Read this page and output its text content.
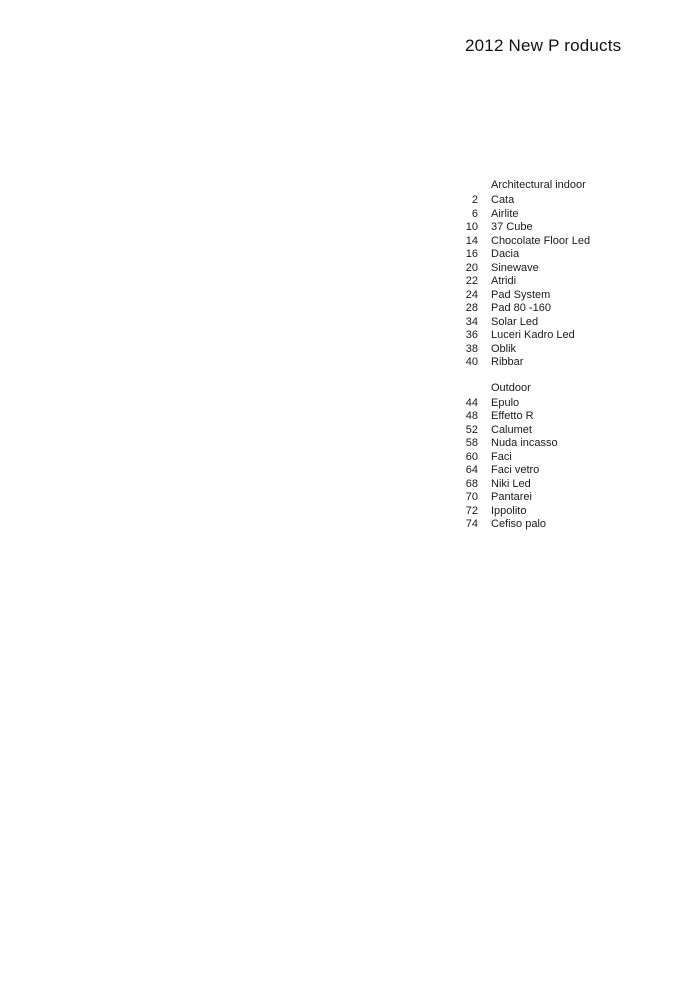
2012 New P roducts
Architectural indoor
2 Cata
6 Airlite
10 37 Cube
14 Chocolate Floor Led
16 Dacia
20 Sinewave
22 Atridi
24 Pad System
28 Pad 80 -160
34 Solar Led
36 Luceri Kadro Led
38 Oblik
40 Ribbar
Outdoor
44 Epulo
48 Effetto R
52 Calumet
58 Nuda incasso
60 Faci
64 Faci vetro
68 Niki Led
70 Pantarei
72 Ippolito
74 Cefiso palo
